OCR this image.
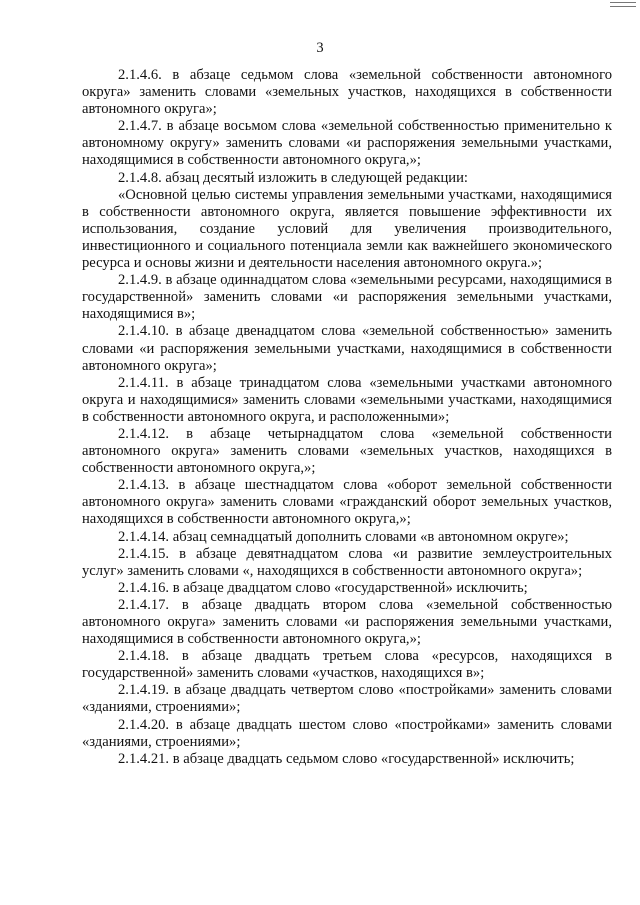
3

2.1.4.6. в абзаце седьмом слова «земельной собственности автономного округа» заменить словами «земельных участков, находящихся в собственности автономного округа»;

2.1.4.7. в абзаце восьмом слова «земельной собственностью применительно к автономному округу» заменить словами «и распоряжения земельными участками, находящимися в собственности автономного округа,»;

2.1.4.8. абзац десятый изложить в следующей редакции:

«Основной целью системы управления земельными участками, находящимися в собственности автономного округа, является повышение эффективности их использования, создание условий для увеличения производительного, инвестиционного и социального потенциала земли как важнейшего экономического ресурса и основы жизни и деятельности населения автономного округа.»;

2.1.4.9. в абзаце одиннадцатом слова «земельными ресурсами, находящимися в государственной» заменить словами «и распоряжения земельными участками, находящимися в»;

2.1.4.10. в абзаце двенадцатом слова «земельной собственностью» заменить словами «и распоряжения земельными участками, находящимися в собственности автономного округа»;

2.1.4.11. в абзаце тринадцатом слова «земельными участками автономного округа и находящимися» заменить словами «земельными участками, находящимися в собственности автономного округа, и расположенными»;

2.1.4.12. в абзаце четырнадцатом слова «земельной собственности автономного округа» заменить словами «земельных участков, находящихся в собственности автономного округа,»;

2.1.4.13. в абзаце шестнадцатом слова «оборот земельной собственности автономного округа» заменить словами «гражданский оборот земельных участков, находящихся в собственности автономного округа,»;

2.1.4.14. абзац семнадцатый дополнить словами «в автономном округе»;

2.1.4.15. в абзаце девятнадцатом слова «и развитие землеустроительных услуг» заменить словами «, находящихся в собственности автономного округа»;

2.1.4.16. в абзаце двадцатом слово «государственной» исключить;

2.1.4.17. в абзаце двадцать втором слова «земельной собственностью автономного округа» заменить словами «и распоряжения земельными участками, находящимися в собственности автономного округа,»;

2.1.4.18. в абзаце двадцать третьем слова «ресурсов, находящихся в государственной» заменить словами «участков, находящихся в»;

2.1.4.19. в абзаце двадцать четвертом слово «постройками» заменить словами «зданиями, строениями»;

2.1.4.20. в абзаце двадцать шестом слово «постройками» заменить словами «зданиями, строениями»;

2.1.4.21. в абзаце двадцать седьмом слово «государственной» исключить;
